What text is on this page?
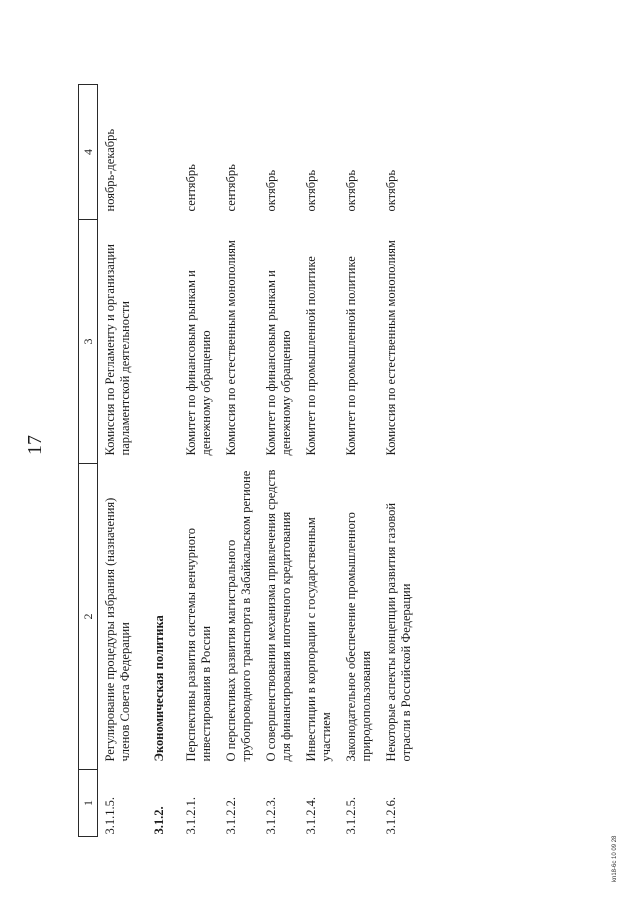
17
1	2	3	4
3.1.1.5.	Регулирование процедуры избрания (назначения) членов Совета Федерации	Комиссия по Регламенту и организации парламентской деятельности	ноябрь-декабрь
3.1.2.	Экономическая политика		
3.1.2.1.	Перспективы развития системы венчурного инвестирования в России	Комитет по финансовым рынкам и денежному обращению	сентябрь
3.1.2.2.	О перспективах развития магистрального трубопроводного транспорта в Забайкальском регионе	Комиссия по естественным монополиям	сентябрь
3.1.2.3.	О совершенствовании механизма привлечения средств для финансирования ипотечного кредитования	Комитет по финансовым рынкам и денежному обращению	октябрь
3.1.2.4.	Инвестиции в корпорации с государственным участием	Комитет по промышленной политике	октябрь
3.1.2.5.	Законодательное обеспечение промышленного природопользования	Комитет по промышленной политике	октябрь
3.1.2.6.	Некоторые аспекты концепции развития газовой отрасли в Российской Федерации	Комиссия по естественным монополиям	октябрь
kn18-6c 10 09 28
